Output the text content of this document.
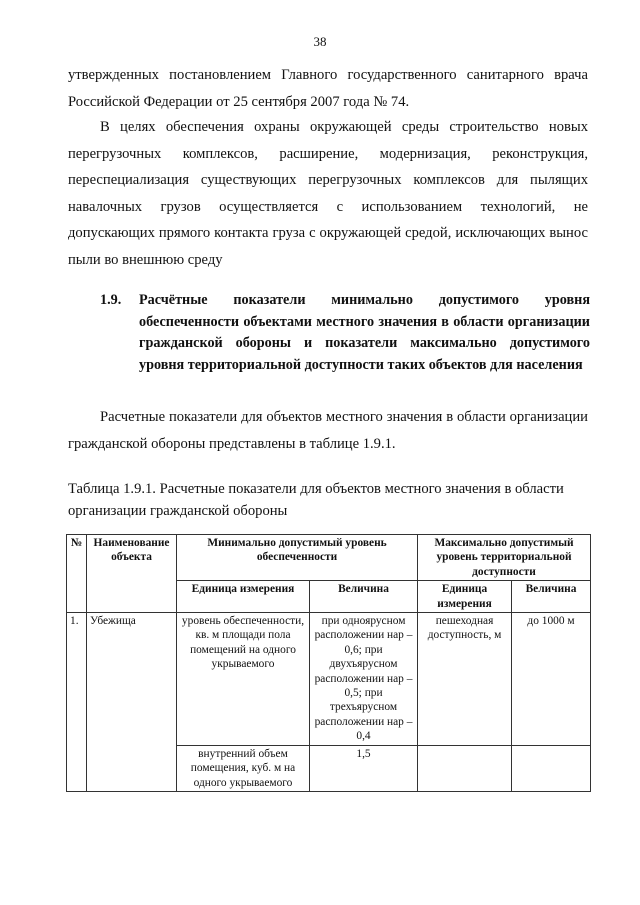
38

утвержденных постановлением Главного государственного санитарного врача Российской Федерации от 25 сентября 2007 года № 74.

В целях обеспечения охраны окружающей среды строительство новых перегрузочных комплексов, расширение, модернизация, реконструкция, переспециализация существующих перегрузочных комплексов для пылящих навалочных грузов осуществляется с использованием технологий, не допускающих прямого контакта груза с окружающей средой, исключающих вынос пыли во внешнюю среду

1.9. Расчётные показатели минимально допустимого уровня обеспеченности объектами местного значения в области организации гражданской обороны и показатели максимально допустимого уровня территориальной доступности таких объектов для населения

Расчетные показатели для объектов местного значения в области организации гражданской обороны представлены в таблице 1.9.1.

Таблица 1.9.1. Расчетные показатели для объектов местного значения в области организации гражданской обороны

№	Наименование объекта	Минимально допустимый уровень обеспеченности		Максимально допустимый уровень территориальной доступности	
		Единица измерения	Величина	Единица измерения	Величина
1.	Убежища	уровень обеспеченности, кв. м площади пола помещений на одного укрываемого	при одноярусном расположении нар – 0,6; при двухъярусном расположении нар – 0,5; при трехъярусном расположении нар – 0,4	пешеходная доступность, м	до 1000 м
		внутренний объем помещения, куб. м на одного укрываемого	1,5		
